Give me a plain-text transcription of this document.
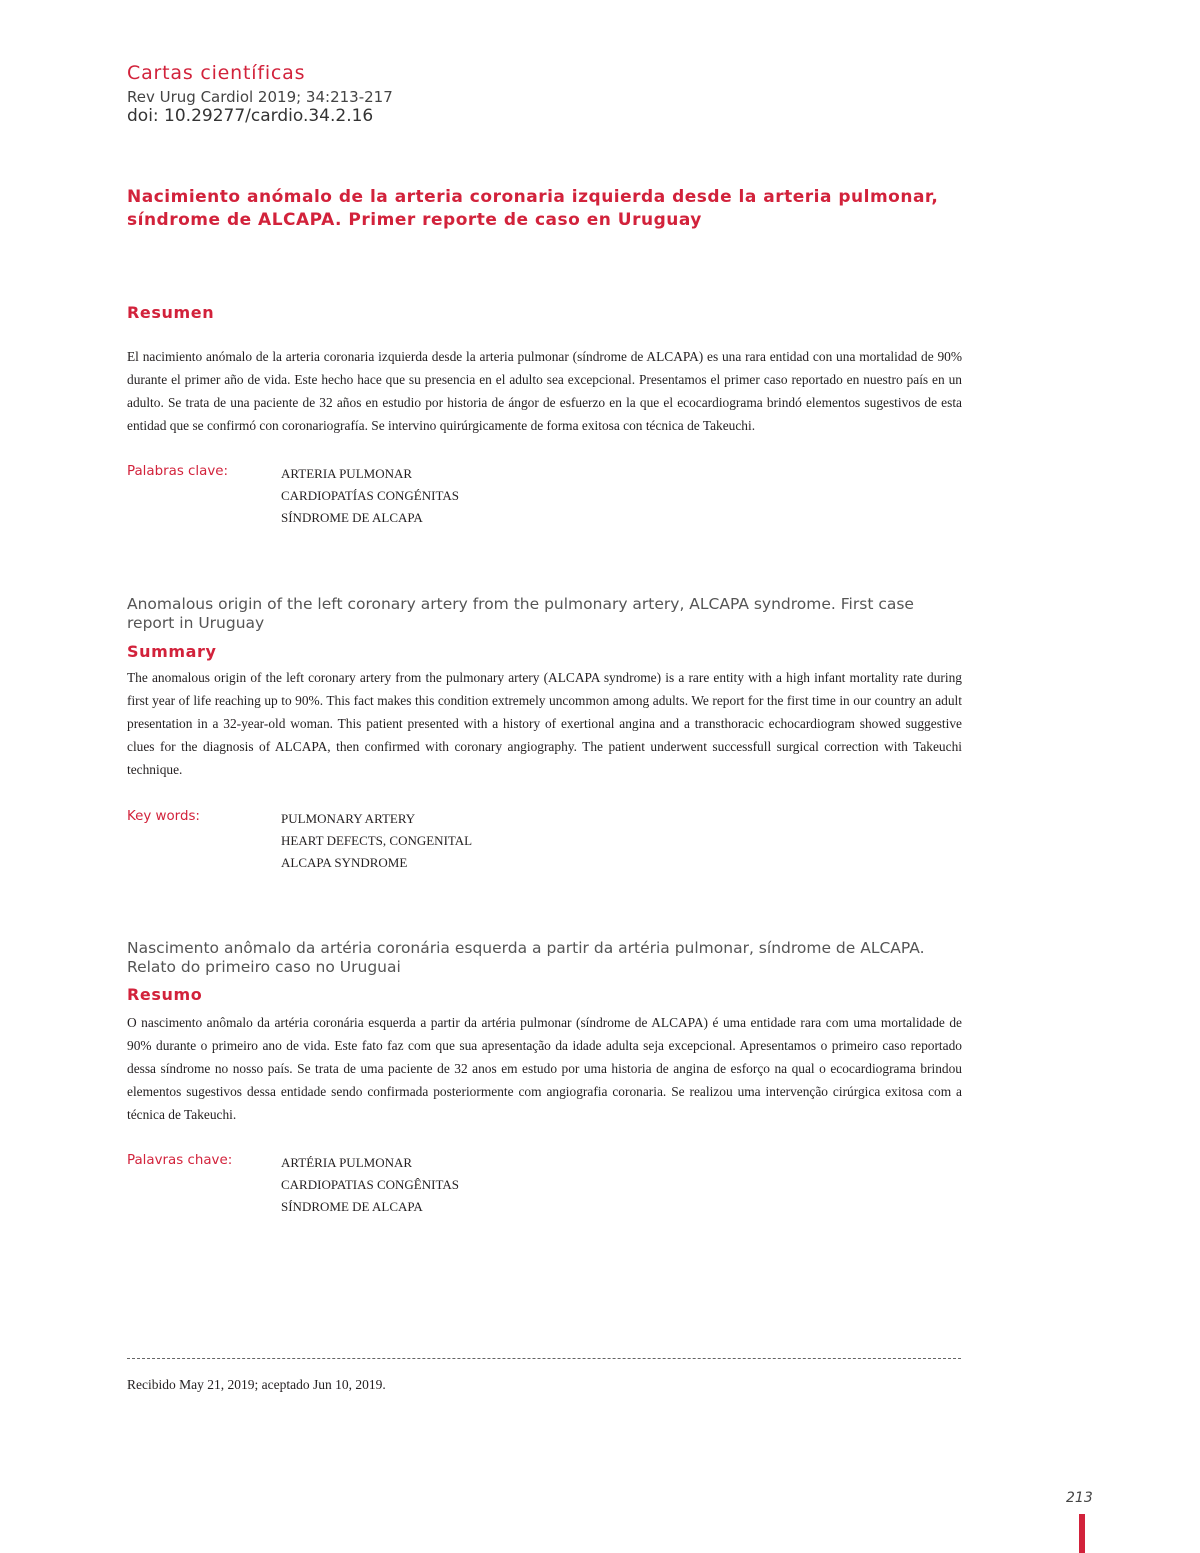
Cartas científicas
Rev Urug Cardiol 2019; 34:213-217
doi: 10.29277/cardio.34.2.16
Nacimiento anómalo de la arteria coronaria izquierda desde la arteria pulmonar, síndrome de ALCAPA. Primer reporte de caso en Uruguay
Resumen

El nacimiento anómalo de la arteria coronaria izquierda desde la arteria pulmonar (síndrome de ALCAPA) es una rara entidad con una mortalidad de 90% durante el primer año de vida. Este hecho hace que su presencia en el adulto sea excepcional. Presentamos el primer caso reportado en nuestro país en un adulto. Se trata de una paciente de 32 años en estudio por historia de ángor de esfuerzo en la que el ecocardiograma brindó elementos sugestivos de esta entidad que se confirmó con coronariografía. Se intervino quirúrgicamente de forma exitosa con técnica de Takeuchi.

Palabras clave:	ARTERIA PULMONAR
CARDIOPATÍAS CONGÉNITAS
SÍNDROME DE ALCAPA
Anomalous origin of the left coronary artery from the pulmonary artery, ALCAPA syndrome. First case report in Uruguay
Summary

The anomalous origin of the left coronary artery from the pulmonary artery (ALCAPA syndrome) is a rare entity with a high infant mortality rate during first year of life reaching up to 90%. This fact makes this condition extremely uncommon among adults. We report for the first time in our country an adult presentation in a 32-year-old woman. This patient presented with a history of exertional angina and a transthoracic echocardiogram showed suggestive clues for the diagnosis of ALCAPA, then confirmed with coronary angiography. The patient underwent successfull surgical correction with Takeuchi technique.

Key words:	PULMONARY ARTERY
HEART DEFECTS, CONGENITAL
ALCAPA SYNDROME
Nascimento anômalo da artéria coronária esquerda a partir da artéria pulmonar, síndrome de ALCAPA. Relato do primeiro caso no Uruguai
Resumo

O nascimento anômalo da artéria coronária esquerda a partir da artéria pulmonar (síndrome de ALCAPA) é uma entidade rara com uma mortalidade de 90% durante o primeiro ano de vida. Este fato faz com que sua apresentação da idade adulta seja excepcional. Apresentamos o primeiro caso reportado dessa síndrome no nosso país. Se trata de uma paciente de 32 anos em estudo por uma historia de angina de esforço na qual o ecocardiograma brindou elementos sugestivos dessa entidade sendo confirmada posteriormente com angiografia coronaria. Se realizou uma intervenção cirúrgica exitosa com a técnica de Takeuchi.

Palavras chave:	ARTÉRIA PULMONAR
CARDIOPATIAS CONGÊNITAS
SÍNDROME DE ALCAPA
Recibido May 21, 2019; aceptado Jun 10, 2019.
213
